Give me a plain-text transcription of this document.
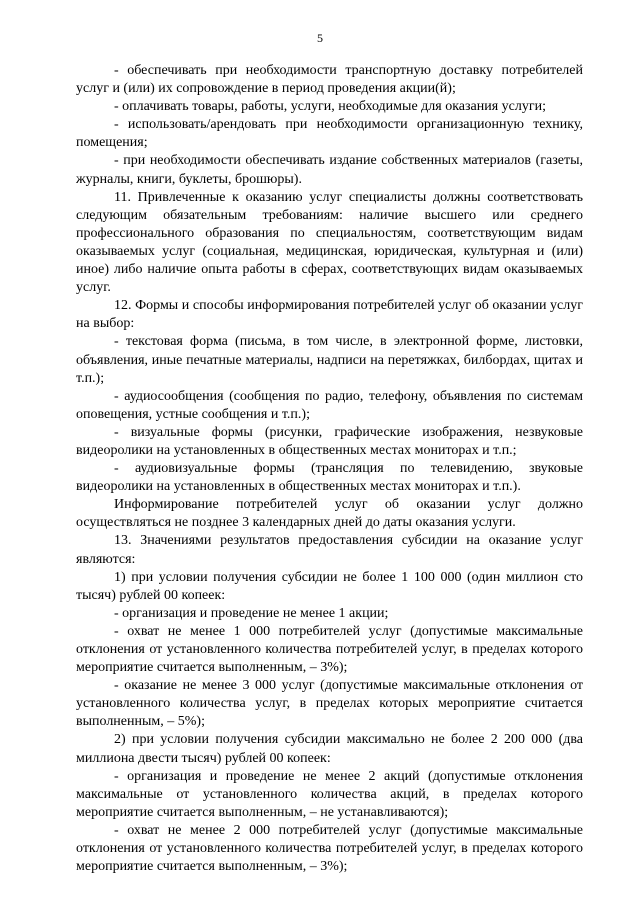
5

- обеспечивать при необходимости транспортную доставку потребителей услуг и (или) их сопровождение в период проведения акции(й);

- оплачивать товары, работы, услуги, необходимые для оказания услуги;

- использовать/арендовать при необходимости организационную технику, помещения;

- при необходимости обеспечивать издание собственных материалов (газеты, журналы, книги, буклеты, брошюры).

11. Привлеченные к оказанию услуг специалисты должны соответствовать следующим обязательным требованиям: наличие высшего или среднего профессионального образования по специальностям, соответствующим видам оказываемых услуг (социальная, медицинская, юридическая, культурная и (или) иное) либо наличие опыта работы в сферах, соответствующих видам оказываемых услуг.

12. Формы и способы информирования потребителей услуг об оказании услуг на выбор:

- текстовая форма (письма, в том числе, в электронной форме, листовки, объявления, иные печатные материалы, надписи на перетяжках, билбордах, щитах и т.п.);

- аудиосообщения (сообщения по радио, телефону, объявления по системам оповещения, устные сообщения и т.п.);

- визуальные формы (рисунки, графические изображения, незвуковые видеоролики на установленных в общественных местах мониторах и т.п.;

- аудиовизуальные формы (трансляция по телевидению, звуковые видеоролики на установленных в общественных местах мониторах и т.п.).

Информирование потребителей услуг об оказании услуг должно осуществляться не позднее 3 календарных дней до даты оказания услуги.

13. Значениями результатов предоставления субсидии на оказание услуг являются:

1) при условии получения субсидии не более 1 100 000 (один миллион сто тысяч) рублей 00 копеек:

- организация и проведение не менее 1 акции;

- охват не менее 1 000 потребителей услуг (допустимые максимальные отклонения от установленного количества потребителей услуг, в пределах которого мероприятие считается выполненным, – 3%);

- оказание не менее 3 000 услуг (допустимые максимальные отклонения от установленного количества услуг, в пределах которых мероприятие считается выполненным, – 5%);

2) при условии получения субсидии максимально не более 2 200 000 (два миллиона двести тысяч) рублей 00 копеек:

- организация и проведение не менее 2 акций (допустимые отклонения максимальные от установленного количества акций, в пределах которого мероприятие считается выполненным, – не устанавливаются);

- охват не менее 2 000 потребителей услуг (допустимые максимальные отклонения от установленного количества потребителей услуг, в пределах которого мероприятие считается выполненным, – 3%);
